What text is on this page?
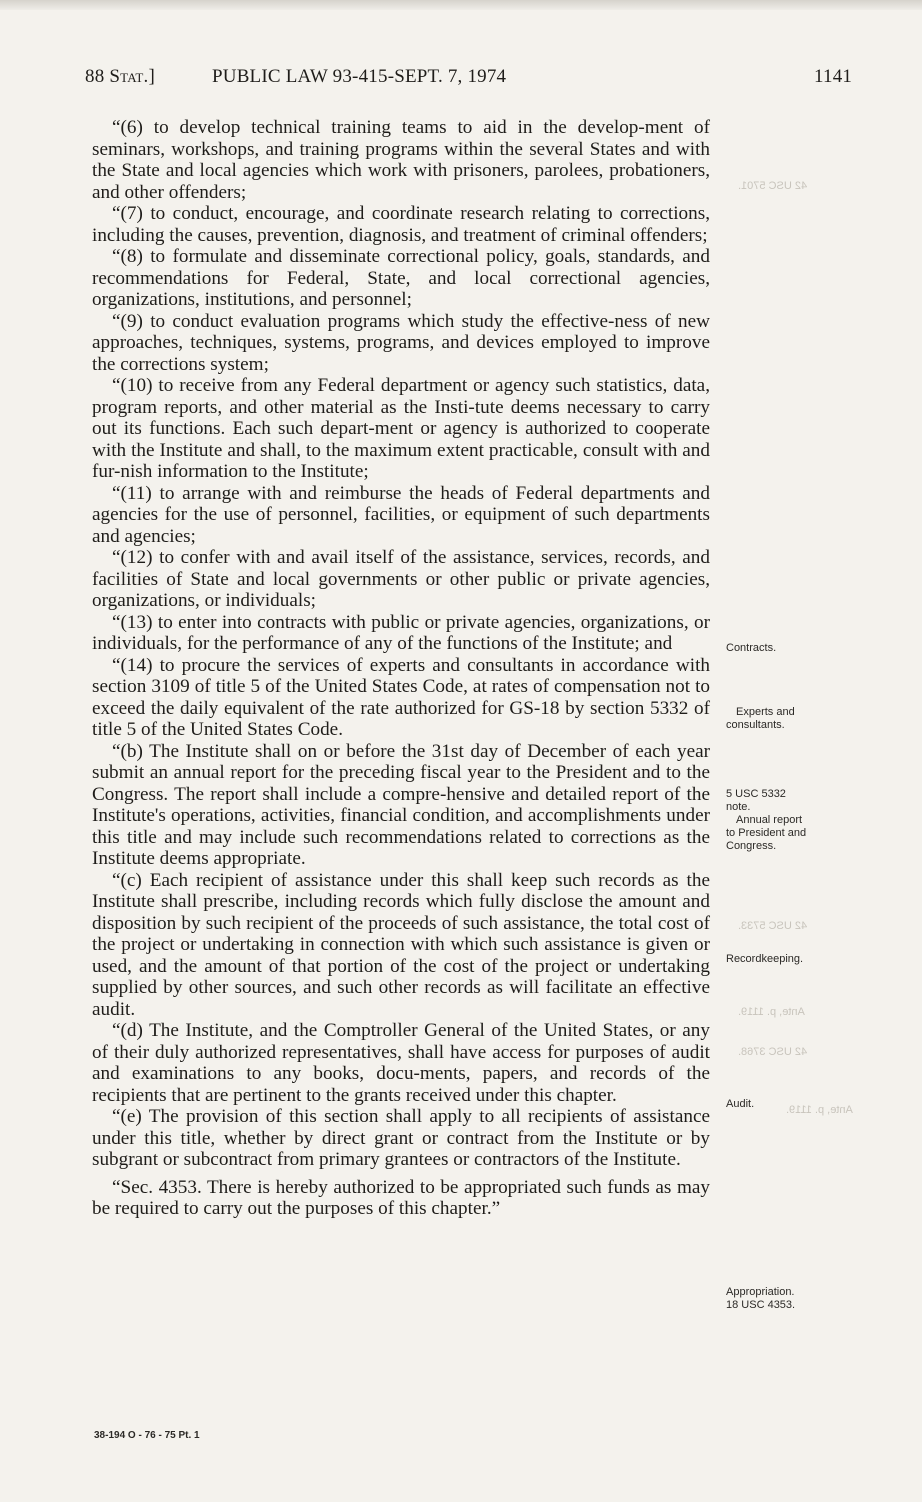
88 Stat.]	PUBLIC LAW 93-415-SEPT. 7, 1974	1141

“(6) to develop technical training teams to aid in the develop-ment of seminars, workshops, and training programs within the several States and with the State and local agencies which work with prisoners, parolees, probationers, and other offenders;

“(7) to conduct, encourage, and coordinate research relating to corrections, including the causes, prevention, diagnosis, and treatment of criminal offenders;

“(8) to formulate and disseminate correctional policy, goals, standards, and recommendations for Federal, State, and local correctional agencies, organizations, institutions, and personnel;

“(9) to conduct evaluation programs which study the effective-ness of new approaches, techniques, systems, programs, and devices employed to improve the corrections system;

“(10) to receive from any Federal department or agency such statistics, data, program reports, and other material as the Insti-tute deems necessary to carry out its functions. Each such depart-ment or agency is authorized to cooperate with the Institute and shall, to the maximum extent practicable, consult with and fur-nish information to the Institute;

“(11) to arrange with and reimburse the heads of Federal departments and agencies for the use of personnel, facilities, or equipment of such departments and agencies;

“(12) to confer with and avail itself of the assistance, services, records, and facilities of State and local governments or other public or private agencies, organizations, or individuals;

“(13) to enter into contracts with public or private agencies, organizations, or individuals, for the performance of any of the functions of the Institute; and

“(14) to procure the services of experts and consultants in accordance with section 3109 of title 5 of the United States Code, at rates of compensation not to exceed the daily equivalent of the rate authorized for GS-18 by section 5332 of title 5 of the United States Code.

“(b) The Institute shall on or before the 31st day of December of each year submit an annual report for the preceding fiscal year to the President and to the Congress. The report shall include a compre-hensive and detailed report of the Institute's operations, activities, financial condition, and accomplishments under this title and may include such recommendations related to corrections as the Institute deems appropriate.

“(c) Each recipient of assistance under this shall keep such records as the Institute shall prescribe, including records which fully disclose the amount and disposition by such recipient of the proceeds of such assistance, the total cost of the project or undertaking in connection with which such assistance is given or used, and the amount of that portion of the cost of the project or undertaking supplied by other sources, and such other records as will facilitate an effective audit.

“(d) The Institute, and the Comptroller General of the United States, or any of their duly authorized representatives, shall have access for purposes of audit and examinations to any books, docu-ments, papers, and records of the recipients that are pertinent to the grants received under this chapter.

“(e) The provision of this section shall apply to all recipients of assistance under this title, whether by direct grant or contract from the Institute or by subgrant or subcontract from primary grantees or contractors of the Institute.

“Sec. 4353. There is hereby authorized to be appropriated such funds as may be required to carry out the purposes of this chapter.”

Contracts.
Experts and
consultants.
5 USC 5332
note.
Annual report
to President and
Congress.
Recordkeeping.
Audit.
Appropriation.
18 USC 4353.
42 USC 5701.
42 USC 5733.
Ante, p. 1119.
42 USC 3768.
Ante, p. 1119.
38-194 O - 76 - 75 Pt. 1
